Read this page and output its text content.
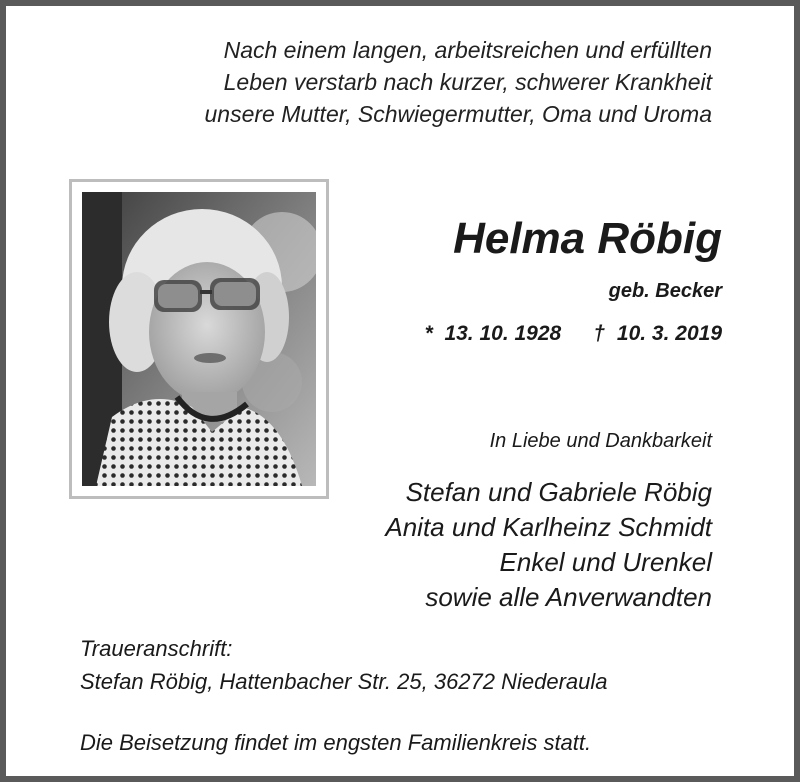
Nach einem langen, arbeitsreichen und erfüllten
Leben verstarb nach kurzer, schwerer Krankheit
unsere Mutter, Schwiegermutter, Oma und Uroma
Helma Röbig
geb. Becker
* 13. 10. 1928 † 10. 3. 2019
In Liebe und Dankbarkeit
Stefan und Gabriele Röbig
Anita und Karlheinz Schmidt
Enkel und Urenkel
sowie alle Anverwandten
Traueranschrift:
Stefan Röbig, Hattenbacher Str. 25, 36272 Niederaula
Die Beisetzung findet im engsten Familienkreis statt.
